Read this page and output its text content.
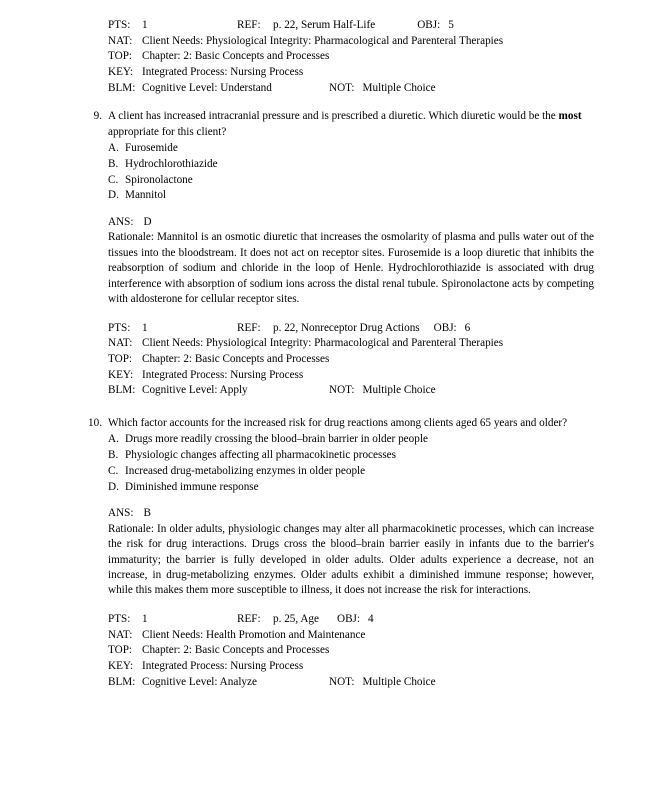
PTS: 1	REF: p. 22, Serum Half-Life	OBJ: 5
NAT: Client Needs: Physiological Integrity: Pharmacological and Parenteral Therapies
TOP: Chapter: 2: Basic Concepts and Processes
KEY: Integrated Process: Nursing Process
BLM: Cognitive Level: Understand	NOT: Multiple Choice
9. A client has increased intracranial pressure and is prescribed a diuretic. Which diuretic would be the most appropriate for this client?
A. Furosemide
B. Hydrochlorothiazide
C. Spironolactone
D. Mannitol
ANS: D
Rationale: Mannitol is an osmotic diuretic that increases the osmolarity of plasma and pulls water out of the tissues into the bloodstream. It does not act on receptor sites. Furosemide is a loop diuretic that inhibits the reabsorption of sodium and chloride in the loop of Henle. Hydrochlorothiazide is associated with drug interference with absorption of sodium ions across the distal renal tubule. Spironolactone acts by competing with aldosterone for cellular receptor sites.
PTS: 1	REF: p. 22, Nonreceptor Drug Actions OBJ: 6
NAT: Client Needs: Physiological Integrity: Pharmacological and Parenteral Therapies
TOP: Chapter: 2: Basic Concepts and Processes
KEY: Integrated Process: Nursing Process
BLM: Cognitive Level: Apply	NOT: Multiple Choice
10. Which factor accounts for the increased risk for drug reactions among clients aged 65 years and older?
A. Drugs more readily crossing the blood–brain barrier in older people
B. Physiologic changes affecting all pharmacokinetic processes
C. Increased drug-metabolizing enzymes in older people
D. Diminished immune response
ANS: B
Rationale: In older adults, physiologic changes may alter all pharmacokinetic processes, which can increase the risk for drug interactions. Drugs cross the blood–brain barrier easily in infants due to the barrier's immaturity; the barrier is fully developed in older adults. Older adults experience a decrease, not an increase, in drug-metabolizing enzymes. Older adults exhibit a diminished immune response; however, while this makes them more susceptible to illness, it does not increase the risk for interactions.
PTS: 1	REF: p. 25, Age OBJ: 4
NAT: Client Needs: Health Promotion and Maintenance
TOP: Chapter: 2: Basic Concepts and Processes
KEY: Integrated Process: Nursing Process
BLM: Cognitive Level: Analyze	NOT: Multiple Choice
